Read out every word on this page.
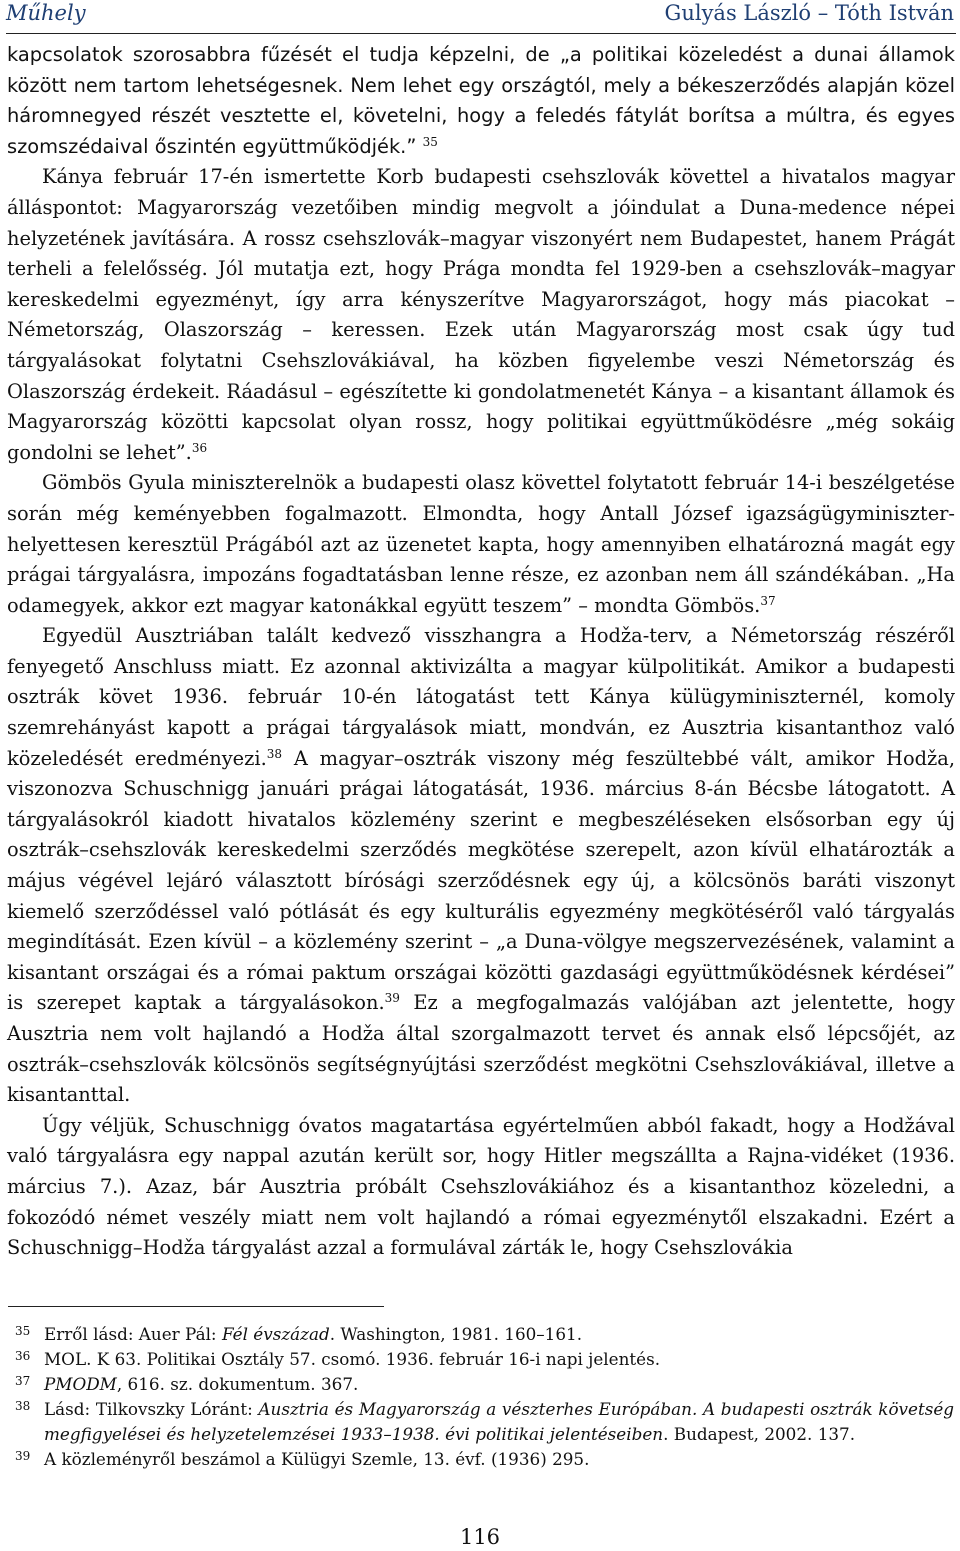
Műhely	Gulyás László – Tóth István

kapcsolatok szorosabbra fűzését el tudja képzelni, de „a politikai közeledést a dunai államok között nem tartom lehetségesnek. Nem lehet egy országtól, mely a békeszerződés alapján közel háromnegyed részét vesztette el, követelni, hogy a feledés fátylát borítsa a múltra, és egyes szomszédaival őszintén együttműködjék.” $^{35}$

Kánya február 17-én ismertette Korb budapesti csehszlovák követtel a hivatalos magyar álláspontot: Magyarország vezetőiben mindig megvolt a jóindulat a Duna-medence népei helyzetének javítására. A rossz csehszlovák–magyar viszonyért nem Budapestet, hanem Prágát terheli a felelősség. Jól mutatja ezt, hogy Prága mondta fel 1929-ben a csehszlovák–magyar kereskedelmi egyezményt, így arra kényszerítve Magyarországot, hogy más piacokat – Németország, Olaszország – keressen. Ezek után Magyarország most csak úgy tud tárgyalásokat folytatni Csehszlovákiával, ha közben figyelembe veszi Németország és Olaszország érdekeit. Ráadásul – egészítette ki gondolatmenetét Kánya – a kisantant államok és Magyarország közötti kapcsolat olyan rossz, hogy politikai együttműködésre „még sokáig gondolni se lehet”.$^{36}$

Gömbös Gyula miniszterelnök a budapesti olasz követtel folytatott február 14-i beszélgetése során még keményebben fogalmazott. Elmondta, hogy Antall József igazságügyminiszter-helyettesen keresztül Prágából azt az üzenetet kapta, hogy amennyiben elhatározná magát egy prágai tárgyalásra, impozáns fogadtatásban lenne része, ez azonban nem áll szándékában. „Ha odamegyek, akkor ezt magyar katonákkal együtt teszem” – mondta Gömbös.$^{37}$

Egyedül Ausztriában talált kedvező visszhangra a Hodža-terv, a Németország részéről fenyegető Anschluss miatt. Ez azonnal aktivizálta a magyar külpolitikát. Amikor a budapesti osztrák követ 1936. február 10-én látogatást tett Kánya külügyminiszternél, komoly szemrehányást kapott a prágai tárgyalások miatt, mondván, ez Ausztria kisantanthoz való közeledését eredményezi.$^{38}$ A magyar–osztrák viszony még feszültebbé vált, amikor Hodža, viszonozva Schuschnigg januári prágai látogatását, 1936. március 8-án Bécsbe látogatott. A tárgyalásokról kiadott hivatalos közlemény szerint e megbeszéléseken elsősorban egy új osztrák–csehszlovák kereskedelmi szerződés megkötése szerepelt, azon kívül elhatározták a május végével lejáró választott bírósági szerződésnek egy új, a kölcsönös baráti viszonyt kiemelő szerződéssel való pótlását és egy kulturális egyezmény megkötéséről való tárgyalás megindítását. Ezen kívül – a közlemény szerint – „a Duna-völgye megszervezésének, valamint a kisantant országai és a római paktum országai közötti gazdasági együttműködésnek kérdései” is szerepet kaptak a tárgyalásokon.$^{39}$ Ez a megfogalmazás valójában azt jelentette, hogy Ausztria nem volt hajlandó a Hodža által szorgalmazott tervet és annak első lépcsőjét, az osztrák–csehszlovák kölcsönös segítségnyújtási szerződést megkötni Csehszlovákiával, illetve a kisantanttal.

Úgy véljük, Schuschnigg óvatos magatartása egyértelműen abból fakadt, hogy a Hodžával való tárgyalásra egy nappal azután került sor, hogy Hitler megszállta a Rajna-vidéket (1936. március 7.). Azaz, bár Ausztria próbált Csehszlovákiához és a kisantanthoz közeledni, a fokozódó német veszély miatt nem volt hajlandó a római egyezménytől elszakadni. Ezért a Schuschnigg–Hodža tárgyalást azzal a formulával zárták le, hogy Csehszlovákia

35 Erről lásd: Auer Pál: Fél évszázad. Washington, 1981. 160–161.
36 MOL. K 63. Politikai Osztály 57. csomó. 1936. február 16-i napi jelentés.
37 PMODM, 616. sz. dokumentum. 367.
38 Lásd: Tilkovszky Lóránt: Ausztria és Magyarország a vészterhes Európában. A budapesti osztrák követség megfigyelései és helyzetelemzései 1933–1938. évi politikai jelentéseiben. Budapest, 2002. 137.
39 A közleményről beszámol a Külügyi Szemle, 13. évf. (1936) 295.
116
